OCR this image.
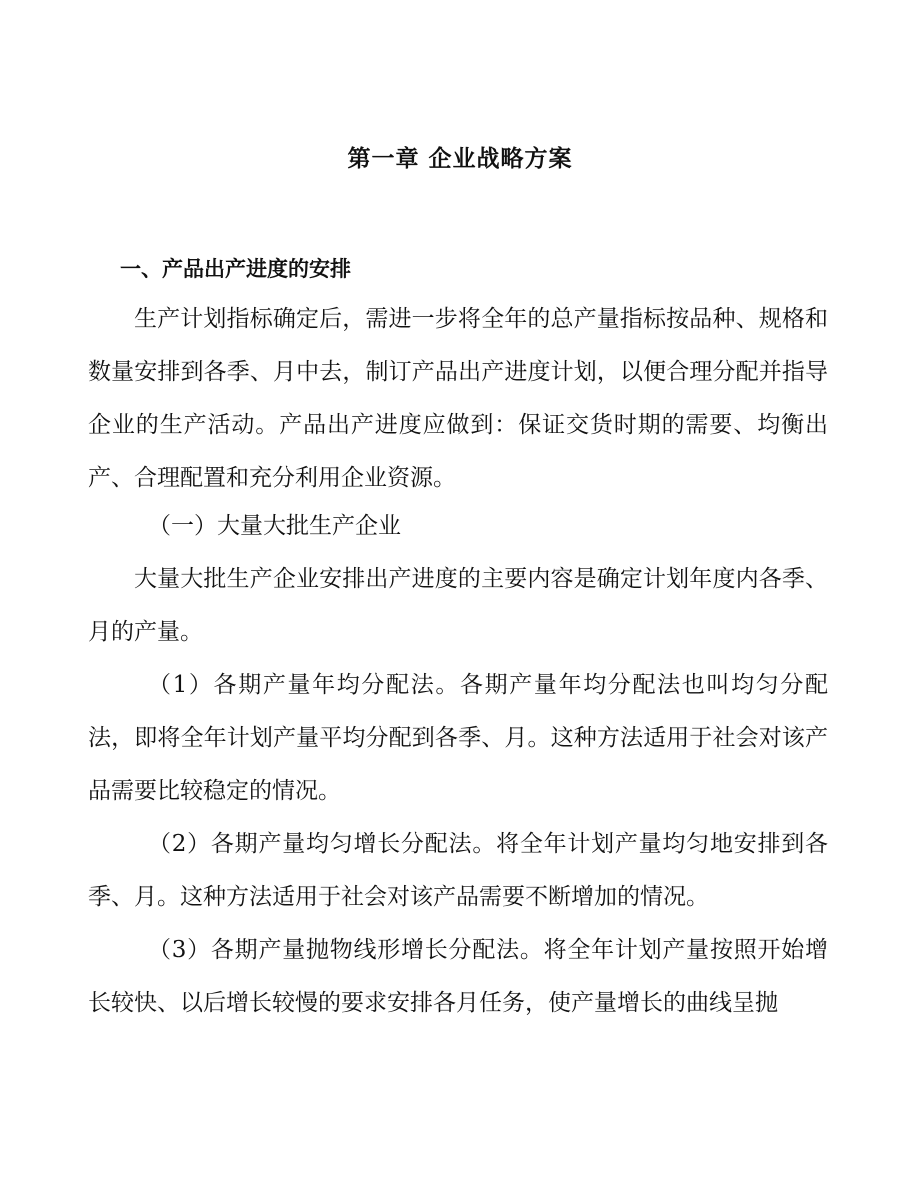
第一章 企业战略方案
一、产品出产进度的安排

生产计划指标确定后，需进一步将全年的总产量指标按品种、规格和数量安排到各季、月中去，制订产品出产进度计划，以便合理分配并指导企业的生产活动。产品出产进度应做到：保证交货时期的需要、均衡出产、合理配置和充分利用企业资源。

（一）大量大批生产企业

大量大批生产企业安排出产进度的主要内容是确定计划年度内各季、月的产量。

（1）各期产量年均分配法。各期产量年均分配法也叫均匀分配法，即将全年计划产量平均分配到各季、月。这种方法适用于社会对该产品需要比较稳定的情况。

（2）各期产量均匀增长分配法。将全年计划产量均匀地安排到各季、月。这种方法适用于社会对该产品需要不断增加的情况。

（3）各期产量抛物线形增长分配法。将全年计划产量按照开始增长较快、以后增长较慢的要求安排各月任务，使产量增长的曲线呈抛
